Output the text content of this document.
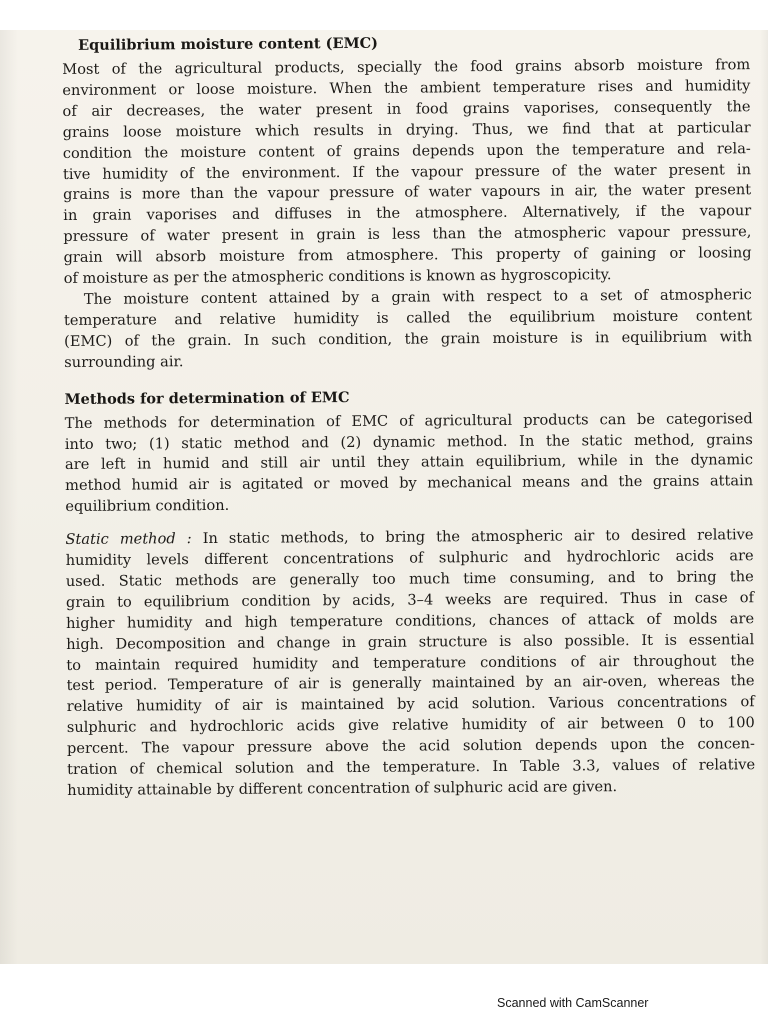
Equilibrium moisture content (EMC)
Most of the agricultural products, specially the food grains absorb moisture from
environment or loose moisture. When the ambient temperature rises and humidity
of air decreases, the water present in food grains vaporises, consequently the
grains loose moisture which results in drying. Thus, we find that at particular
condition the moisture content of grains depends upon the temperature and rela-
tive humidity of the environment. If the vapour pressure of the water present in
grains is more than the vapour pressure of water vapours in air, the water present
in grain vaporises and diffuses in the atmosphere. Alternatively, if the vapour
pressure of water present in grain is less than the atmospheric vapour pressure,
grain will absorb moisture from atmosphere. This property of gaining or loosing
of moisture as per the atmospheric conditions is known as hygroscopicity.
The moisture content attained by a grain with respect to a set of atmospheric
temperature and relative humidity is called the equilibrium moisture content
(EMC) of the grain. In such condition, the grain moisture is in equilibrium with
surrounding air.
Methods for determination of EMC
The methods for determination of EMC of agricultural products can be categorised
into two; (1) static method and (2) dynamic method. In the static method, grains
are left in humid and still air until they attain equilibrium, while in the dynamic
method humid air is agitated or moved by mechanical means and the grains attain
equilibrium condition.
Static method : In static methods, to bring the atmospheric air to desired relative
humidity levels different concentrations of sulphuric and hydrochloric acids are
used. Static methods are generally too much time consuming, and to bring the
grain to equilibrium condition by acids, 3–4 weeks are required. Thus in case of
higher humidity and high temperature conditions, chances of attack of molds are
high. Decomposition and change in grain structure is also possible. It is essential
to maintain required humidity and temperature conditions of air throughout the
test period. Temperature of air is generally maintained by an air-oven, whereas the
relative humidity of air is maintained by acid solution. Various concentrations of
sulphuric and hydrochloric acids give relative humidity of air between 0 to 100
percent. The vapour pressure above the acid solution depends upon the concen-
tration of chemical solution and the temperature. In Table 3.3, values of relative
humidity attainable by different concentration of sulphuric acid are given.
Scanned with CamScanner
